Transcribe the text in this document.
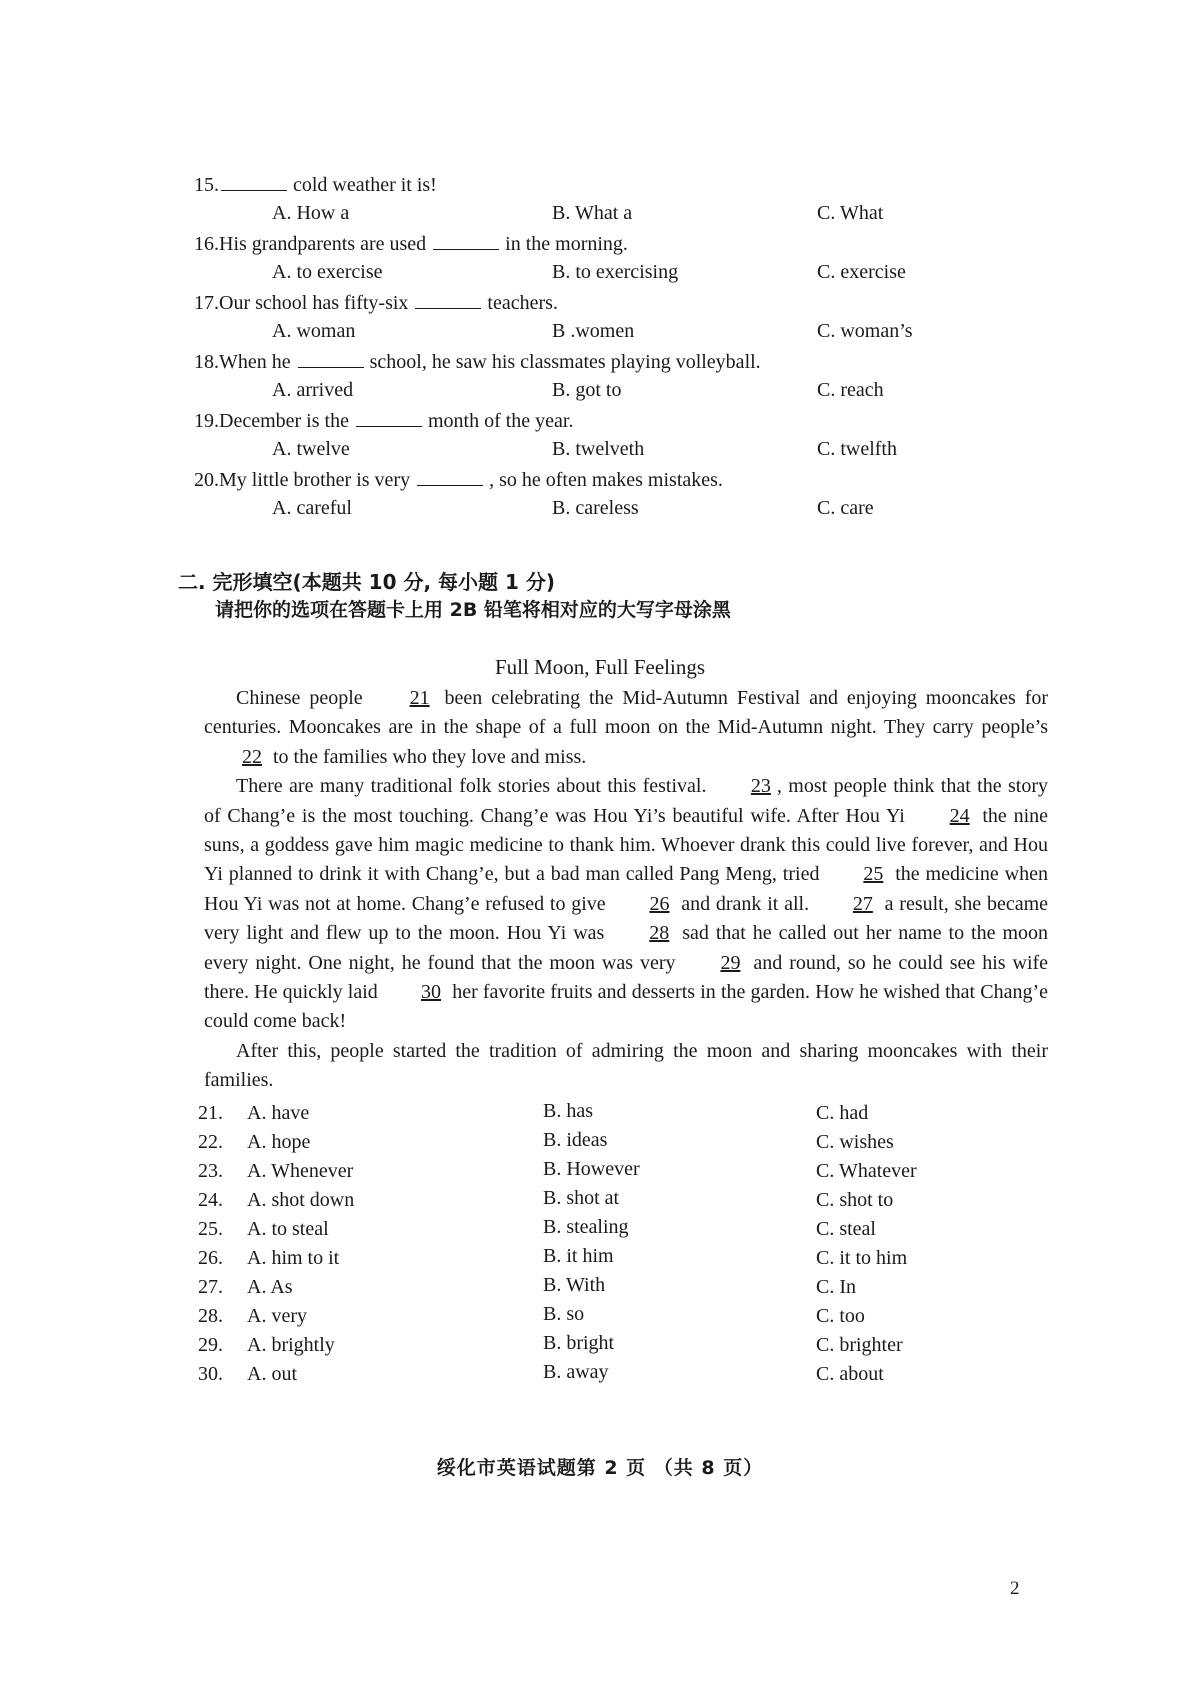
15.	cold weather it is!
A. How a	B. What a	C. What
16.His grandparents are used	in the morning.
A. to exercise	B. to exercising	C. exercise
17.Our school has fifty-six	teachers.
A. woman	B .women	C. woman’s
18.When he	school, he saw his classmates playing volleyball.
A. arrived	B. got to	C. reach
19.December is the	month of the year.
A. twelve	B. twelveth	C. twelfth
20.My little brother is very	, so he often makes mistakes.
A. careful	B. careless	C. care
二. 完形填空(本题共 10 分, 每小题 1 分)
请把你的选项在答题卡上用 2B 铅笔将相对应的大写字母涂黑
Full Moon, Full Feelings

Chinese people 21 been celebrating the Mid-Autumn Festival and enjoying mooncakes for centuries. Mooncakes are in the shape of a full moon on the Mid-Autumn night. They carry people’s 22 to the families who they love and miss.

There are many traditional folk stories about this festival. 23 , most people think that the story of Chang’e is the most touching. Chang’e was Hou Yi’s beautiful wife. After Hou Yi 24 the nine suns, a goddess gave him magic medicine to thank him. Whoever drank this could live forever, and Hou Yi planned to drink it with Chang’e, but a bad man called Pang Meng, tried 25 the medicine when Hou Yi was not at home. Chang’e refused to give 26 and drank it all. 27 a result, she became very light and flew up to the moon. Hou Yi was 28 sad that he called out her name to the moon every night. One night, he found that the moon was very 29 and round, so he could see his wife there. He quickly laid 30 her favorite fruits and desserts in the garden. How he wished that Chang’e could come back!

After this, people started the tradition of admiring the moon and sharing mooncakes with their families.

21. A. have	B. has	C. had
22. A. hope	B. ideas	C. wishes
23. A. Whenever	B. However	C. Whatever
24. A. shot down	B. shot at	C. shot to
25. A. to steal	B. stealing	C. steal
26. A. him to it	B. it him	C. it to him
27. A. As	B. With	C. In
28. A. very	B. so	C. too
29. A. brightly	B. bright	C. brighter
30. A. out	B. away	C. about
绥化市英语试题第 2 页 （共 8 页）
2
